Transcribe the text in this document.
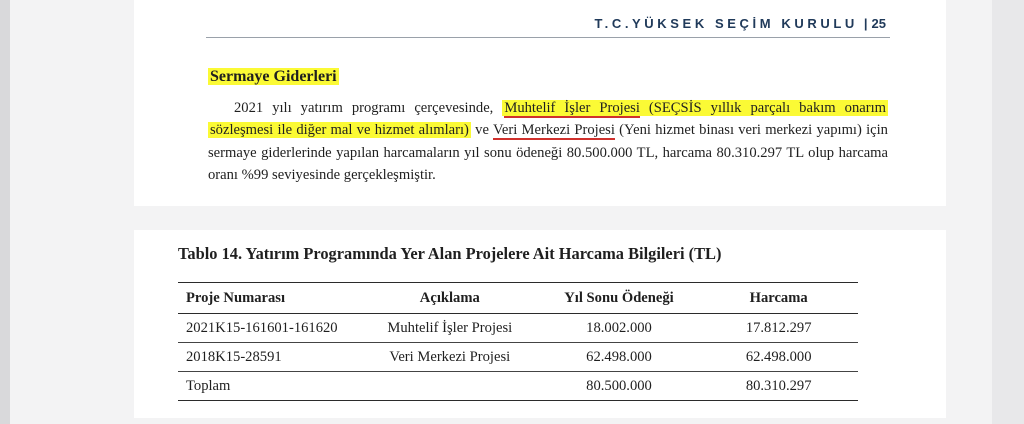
T.C.YÜKSEK SEÇİM KURULU | 25
Sermaye Giderleri
2021 yılı yatırım programı çerçevesinde, Muhtelif İşler Projesi (SEÇSİS yıllık parçalı bakım onarım sözleşmesi ile diğer mal ve hizmet alımları) ve Veri Merkezi Projesi (Yeni hizmet binası veri merkezi yapımı) için sermaye giderlerinde yapılan harcamaların yıl sonu ödeneği 80.500.000 TL, harcama 80.310.297 TL olup harcama oranı %99 seviyesinde gerçekleşmiştir.
Tablo 14. Yatırım Programında Yer Alan Projelere Ait Harcama Bilgileri (TL)
Proje Numarası	Açıklama	Yıl Sonu Ödeneği	Harcama
2021K15-161601-161620	Muhtelif İşler Projesi	18.002.000	17.812.297
2018K15-28591	Veri Merkezi Projesi	62.498.000	62.498.000
Toplam		80.500.000	80.310.297
